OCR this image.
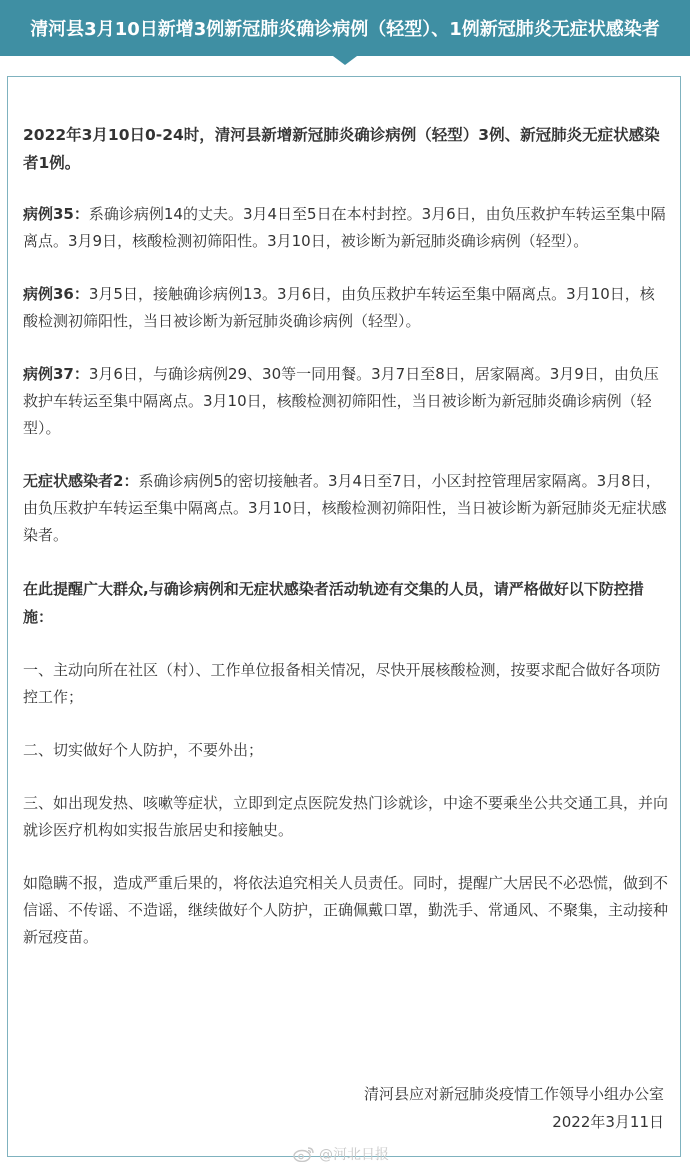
清河县3月10日新增3例新冠肺炎确诊病例（轻型）、1例新冠肺炎无症状感染者

2022年3月10日0-24时，清河县新增新冠肺炎确诊病例（轻型）3例、新冠肺炎无症状感染者1例。

病例35：系确诊病例14的丈夫。3月4日至5日在本村封控。3月6日，由负压救护车转运至集中隔离点。3月9日，核酸检测初筛阳性。3月10日，被诊断为新冠肺炎确诊病例（轻型）。

病例36：3月5日，接触确诊病例13。3月6日，由负压救护车转运至集中隔离点。3月10日，核酸检测初筛阳性，当日被诊断为新冠肺炎确诊病例（轻型）。

病例37：3月6日，与确诊病例29、30等一同用餐。3月7日至8日，居家隔离。3月9日，由负压救护车转运至集中隔离点。3月10日，核酸检测初筛阳性，当日被诊断为新冠肺炎确诊病例（轻型）。

无症状感染者2：系确诊病例5的密切接触者。3月4日至7日，小区封控管理居家隔离。3月8日，由负压救护车转运至集中隔离点。3月10日，核酸检测初筛阳性，当日被诊断为新冠肺炎无症状感染者。

在此提醒广大群众,与确诊病例和无症状感染者活动轨迹有交集的人员，请严格做好以下防控措施：

一、主动向所在社区（村）、工作单位报备相关情况，尽快开展核酸检测，按要求配合做好各项防控工作；

二、切实做好个人防护，不要外出；

三、如出现发热、咳嗽等症状，立即到定点医院发热门诊就诊，中途不要乘坐公共交通工具，并向就诊医疗机构如实报告旅居史和接触史。

如隐瞒不报，造成严重后果的，将依法追究相关人员责任。同时，提醒广大居民不必恐慌，做到不信谣、不传谣、不造谣，继续做好个人防护，正确佩戴口罩，勤洗手、常通风、不聚集，主动接种新冠疫苗。

清河县应对新冠肺炎疫情工作领导小组办公室
2022年3月11日
@河北日报
